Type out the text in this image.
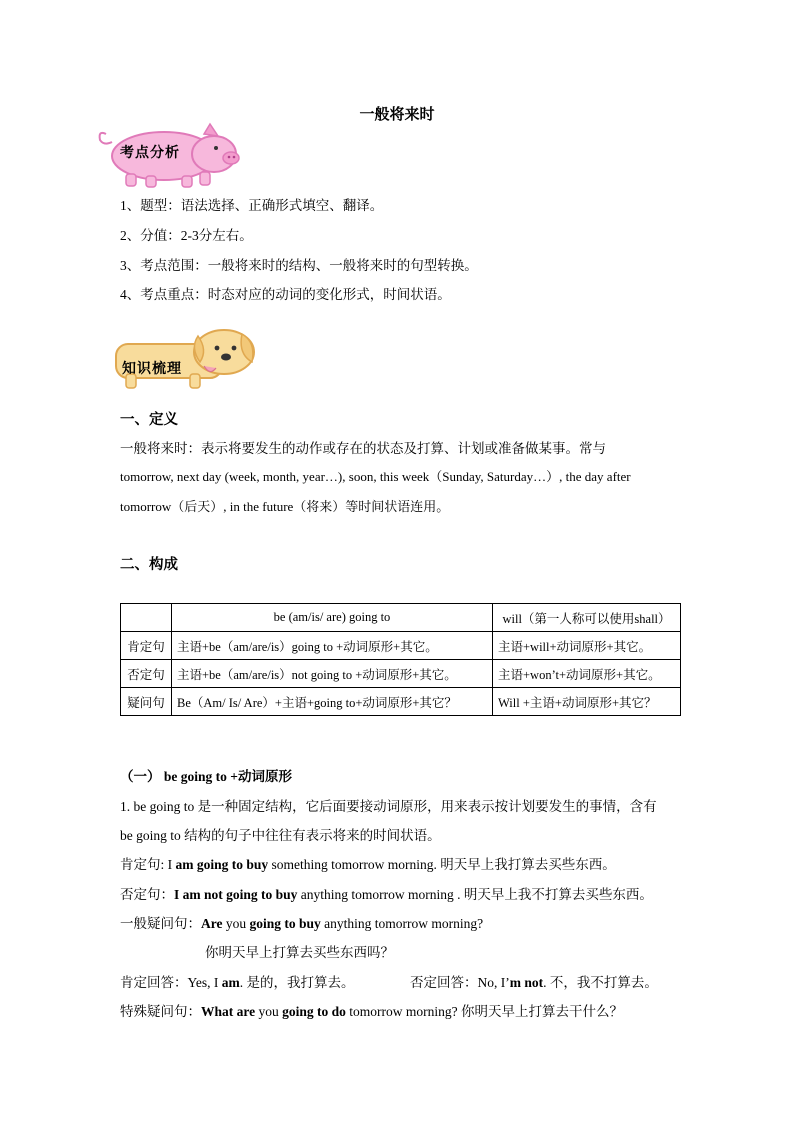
一般将来时
考点分析
1、题型：语法选择、正确形式填空、翻译。
2、分值：2-3分左右。
3、考点范围：一般将来时的结构、一般将来时的句型转换。
4、考点重点：时态对应的动词的变化形式，时间状语。
知识梳理
一、定义
一般将来时：表示将要发生的动作或存在的状态及打算、计划或准备做某事。常与
tomorrow, next day (week, month, year…), soon, this week（Sunday, Saturday…）, the day after
tomorrow（后天）, in the future（将来）等时间状语连用。
二、构成
	be (am/is/ are) going to	will（第一人称可以使用shall）
肯定句	主语+be（am/are/is）going to +动词原形+其它。	主语+will+动词原形+其它。
否定句	主语+be（am/are/is）not going to +动词原形+其它。	主语+won’t+动词原形+其它。
疑问句	Be（Am/ Is/ Are）+主语+going to+动词原形+其它？	Will +主语+动词原形+其它？
（一） be going to +动词原形
1. be going to 是一种固定结构，它后面要接动词原形，用来表示按计划要发生的事情，含有
be going to 结构的句子中往往有表示将来的时间状语。
肯定句: I am going to buy something tomorrow morning. 明天早上我打算去买些东西。
否定句：I am not going to buy anything tomorrow morning . 明天早上我不打算去买些东西。
一般疑问句：Are you going to buy anything tomorrow morning?
你明天早上打算去买些东西吗？
肯定回答：Yes, I am. 是的，我打算去。	否定回答：No, I’m not. 不，我不打算去。
特殊疑问句：What are you going to do tomorrow morning? 你明天早上打算去干什么？
